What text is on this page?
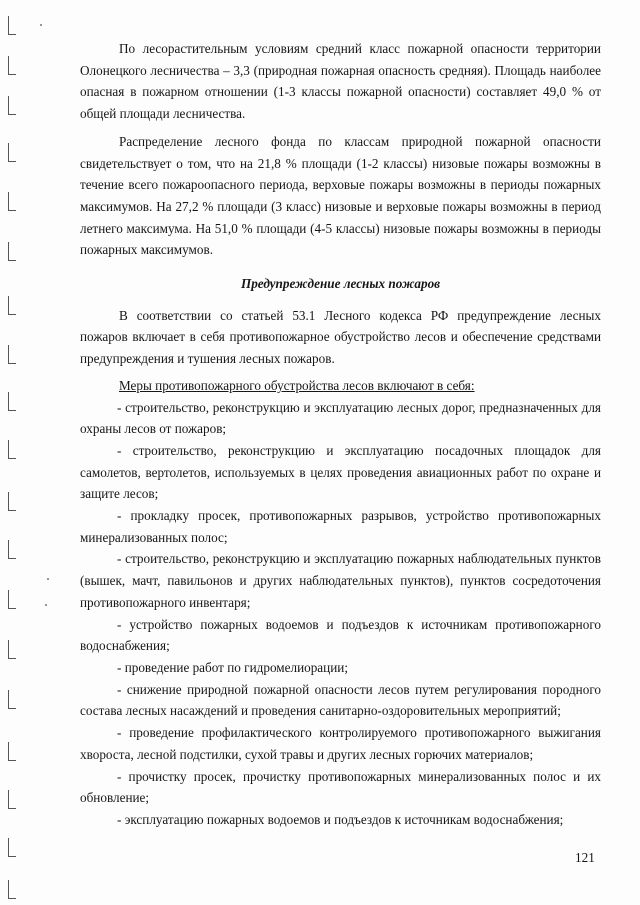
По лесорастительным условиям средний класс пожарной опасности территории Олонецкого лесничества – 3,3 (природная пожарная опасность средняя). Площадь наиболее опасная в пожарном отношении (1-3 классы пожарной опасности) составляет 49,0 % от общей площади лесничества.

Распределение лесного фонда по классам природной пожарной опасности свидетельствует о том, что на 21,8 % площади (1-2 классы) низовые пожары возможны в течение всего пожароопасного периода, верховые пожары возможны в периоды пожарных максимумов. На 27,2 % площади (3 класс) низовые и верховые пожары возможны в период летнего максимума. На 51,0 % площади (4-5 классы) низовые пожары возможны в периоды пожарных максимумов.

Предупреждение лесных пожаров

В соответствии со статьей 53.1 Лесного кодекса РФ предупреждение лесных пожаров включает в себя противопожарное обустройство лесов и обеспечение средствами предупреждения и тушения лесных пожаров.

Меры противопожарного обустройства лесов включают в себя:

- строительство, реконструкцию и эксплуатацию лесных дорог, предназначенных для охраны лесов от пожаров;

- строительство, реконструкцию и эксплуатацию посадочных площадок для самолетов, вертолетов, используемых в целях проведения авиационных работ по охране и защите лесов;

- прокладку просек, противопожарных разрывов, устройство противопожарных минерализованных полос;

- строительство, реконструкцию и эксплуатацию пожарных наблюдательных пунктов (вышек, мачт, павильонов и других наблюдательных пунктов), пунктов сосредоточения противопожарного инвентаря;

- устройство пожарных водоемов и подъездов к источникам противопожарного водоснабжения;

- проведение работ по гидромелиорации;

- снижение природной пожарной опасности лесов путем регулирования породного состава лесных насаждений и проведения санитарно-оздоровительных мероприятий;

- проведение профилактического контролируемого противопожарного выжигания хвороста, лесной подстилки, сухой травы и других лесных горючих материалов;

- прочистку просек, прочистку противопожарных минерализованных полос и их обновление;

- эксплуатацию пожарных водоемов и подъездов к источникам водоснабжения;

121
